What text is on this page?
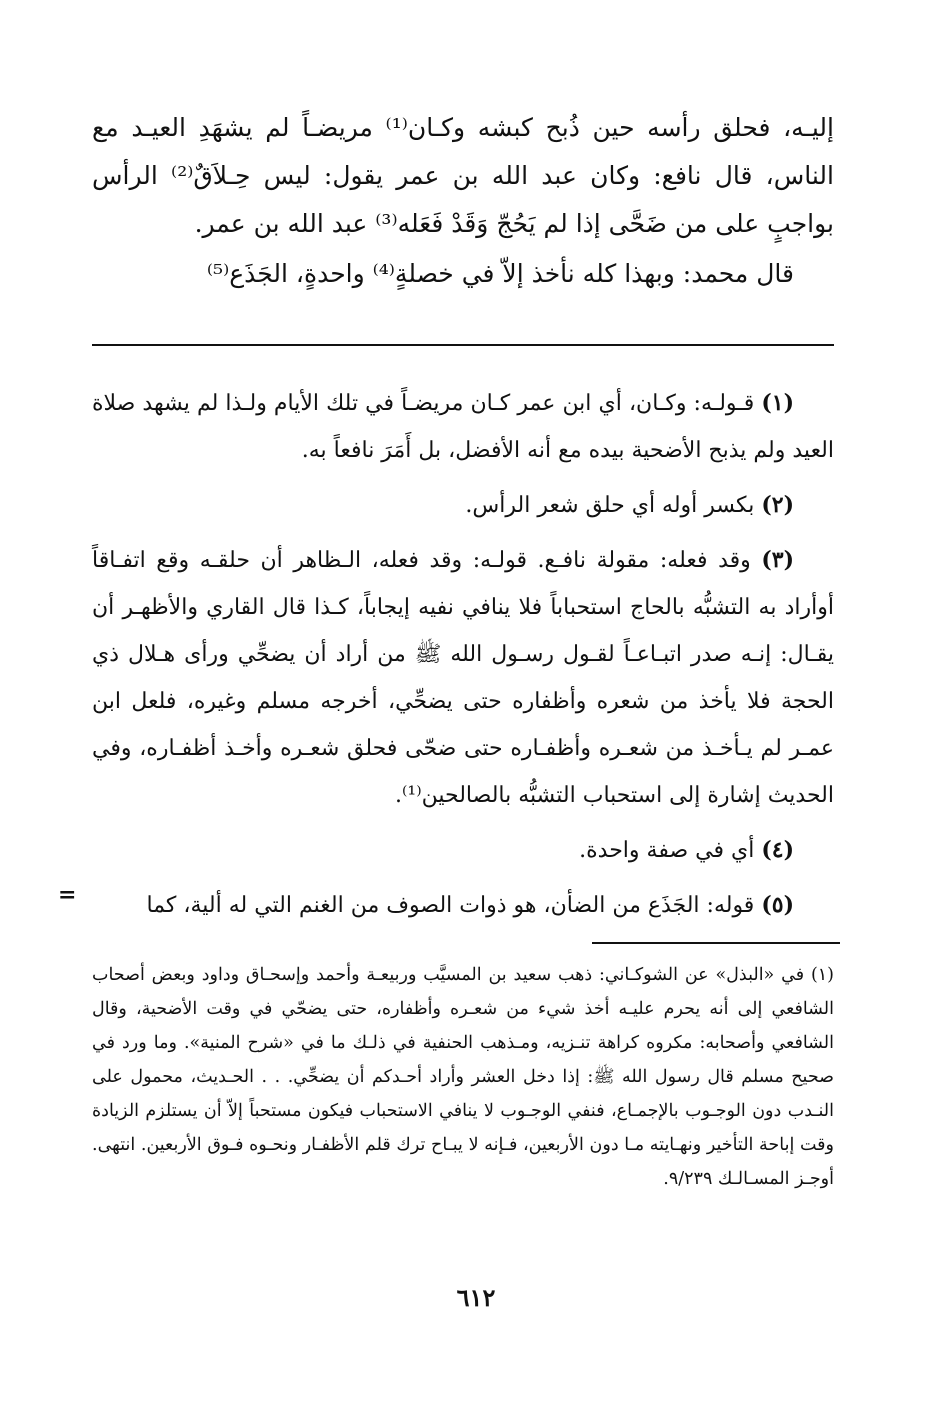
إليـه، فحلق رأسه حين ذُبح كبشه وكـان⁽¹⁾ مريضـاً لم يشهَدِ العيـد مع الناس، قال نافع: وكان عبد الله بن عمر يقول: ليس حِـلاَقٌ⁽²⁾ الرأس بواجبٍ على من ضَحَّى إذا لم يَحُجّ وَقَدْ فَعَله⁽³⁾ عبد الله بن عمر.

قال محمد: وبهذا كله نأخذ إلاّ في خصلةٍ⁽⁴⁾ واحدةٍ، الجَذَع⁽⁵⁾

(١) قـولـه: وكـان، أي ابن عمر كـان مريضـاً في تلك الأيام ولـذا لم يشهد صلاة العيد ولم يذبح الأضحية بيده مع أنه الأفضل، بل أَمَرَ نافعاً به.

(٢) بكسر أوله أي حلق شعر الرأس.

(٣) وقد فعله: مقولة نافـع. قولـه: وقد فعله، الـظاهر أن حلقـه وقع اتفـاقاً أوأراد به التشبُّه بالحاج استحباباً فلا ينافي نفيه إيجاباً، كـذا قال القاري والأظهـر أن يقـال: إنـه صدر اتبـاعـاً لقـول رسـول الله ﷺ من أراد أن يضحِّي ورأى هـلال ذي الحجة فلا يأخذ من شعره وأظفاره حتى يضحِّي، أخرجه مسلم وغيره، فلعل ابن عمـر لم يـأخـذ من شعـره وأظفـاره حتى ضحّى فحلق شعـره وأخـذ أظفـاره، وفي الحديث إشارة إلى استحباب التشبُّه بالصالحين⁽¹⁾.

(٤) أي في صفة واحدة.

(٥) قوله: الجَذَع من الضأن، هو ذوات الصوف من الغنم التي له ألية، كما

=

(١) في «البذل» عن الشوكـاني: ذهب سعيد بن المسيَّب وربيعـة وأحمد وإسحـاق وداود وبعض أصحاب الشافعي إلى أنه يحرم عليـه أخذ شيء من شعـره وأظفاره، حتى يضحّي في وقت الأضحية، وقال الشافعي وأصحابه: مكروه كراهة تنـزيه، ومـذهب الحنفية في ذلـك ما في «شرح المنية». وما ورد في صحيح مسلم قال رسول الله ﷺ: إذا دخل العشر وأراد أحـدكم أن يضحِّي. . . الحـديث، محمول على النـدب دون الوجـوب بالإجمـاع، فنفي الوجـوب لا ينافي الاستحباب فيكون مستحباً إلاّ أن يستلزم الزيادة وقت إباحة التأخير ونهـايته مـا دون الأربعين، فـإنه لا يبـاح ترك قلم الأظفـار ونحـوه فـوق الأربعين. انتهى. أوجـز المسـالـك ٩/٢٣٩.

٦١٢
